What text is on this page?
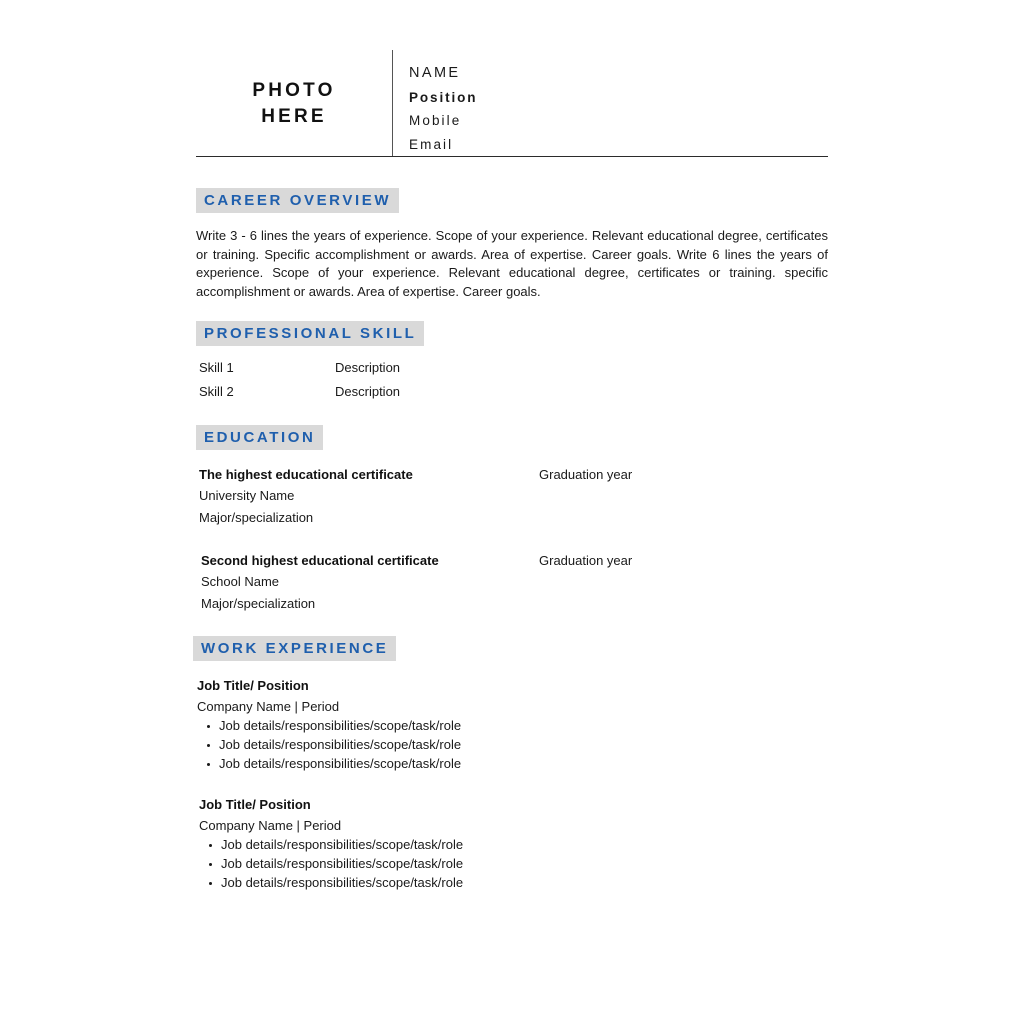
PHOTO
HERE
NAME
Position
Mobile
Email
CAREER OVERVIEW
Write 3 - 6 lines the years of experience. Scope of your experience. Relevant educational degree, certificates or training. Specific accomplishment or awards. Area of expertise. Career goals. Write 6 lines the years of experience. Scope of your experience. Relevant educational degree, certificates or training. specific accomplishment or awards. Area of expertise. Career goals.
PROFESSIONAL SKILL
Skill 1	Description
Skill 2	Description
EDUCATION
The highest educational certificate	Graduation year
University Name
Major/specialization
Second highest educational certificate	Graduation year
School Name
Major/specialization
WORK EXPERIENCE
Job Title/ Position
Company Name | Period
Job details/responsibilities/scope/task/role
Job details/responsibilities/scope/task/role
Job details/responsibilities/scope/task/role
Job Title/ Position
Company Name | Period
Job details/responsibilities/scope/task/role
Job details/responsibilities/scope/task/role
Job details/responsibilities/scope/task/role
